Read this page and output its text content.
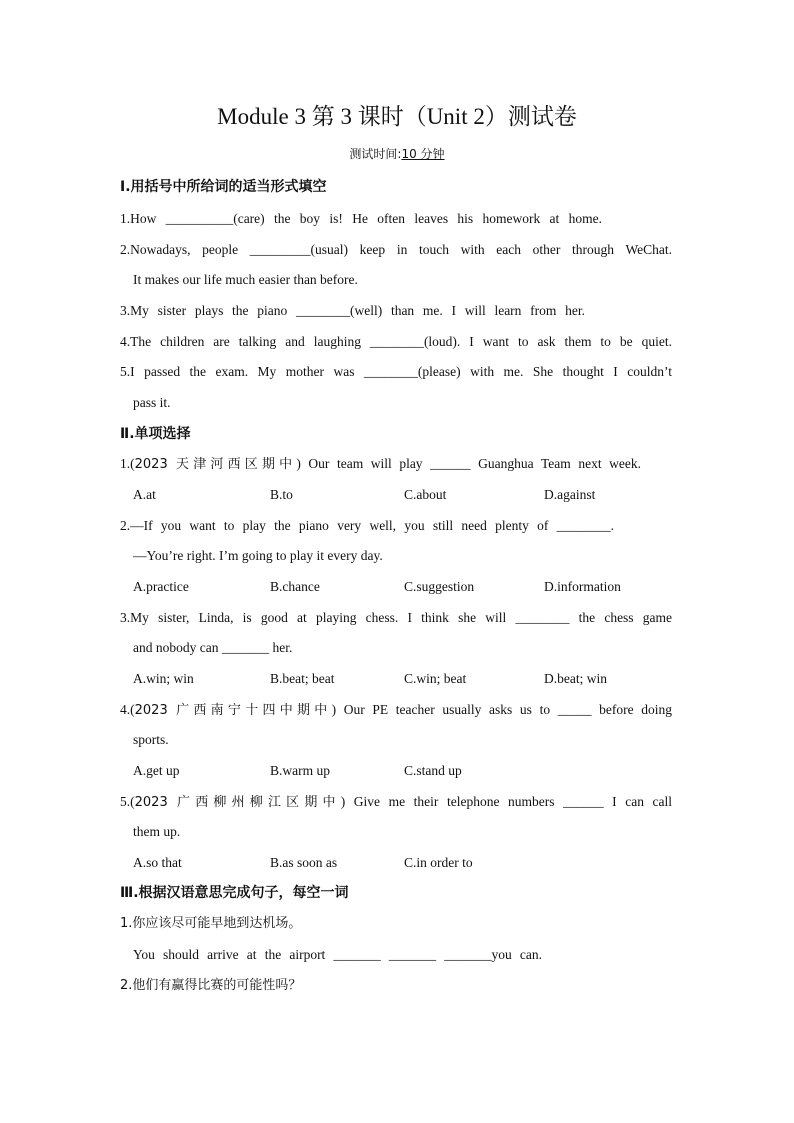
Module 3 第 3 课时（Unit 2）测试卷
测试时间:10 分钟
Ⅰ.用括号中所给词的适当形式填空
1.How __________(care) the boy is! He often leaves his homework at home.
2.Nowadays, people _________(usual) keep in touch with each other through WeChat.
It makes our life much easier than before.
3.My sister plays the piano ________(well) than me. I will learn from her.
4.The children are talking and laughing ________(loud). I want to ask them to be quiet.
5.I passed the exam. My mother was ________(please) with me. She thought I couldn’t
pass it.
Ⅱ.单项选择
1.(2023 天津河西区期中) Our team will play ______ Guanghua Team next week.
A.at	B.to	C.about	D.against
2.—If you want to play the piano very well, you still need plenty of ________.
—You’re right. I’m going to play it every day.
A.practice	B.chance	C.suggestion	D.information
3.My sister, Linda, is good at playing chess. I think she will ________ the chess game
and nobody can _______ her.
A.win; win	B.beat; beat	C.win; beat	D.beat; win
4.(2023 广西南宁十四中期中) Our PE teacher usually asks us to _____ before doing
sports.
A.get up	B.warm up	C.stand up
5.(2023 广西柳州柳江区期中) Give me their telephone numbers ______ I can call
them up.
A.so that	B.as soon as	C.in order to
Ⅲ.根据汉语意思完成句子，每空一词
1.你应该尽可能早地到达机场。
You should arrive at the airport _______ _______ _______you can.
2.他们有赢得比赛的可能性吗？
